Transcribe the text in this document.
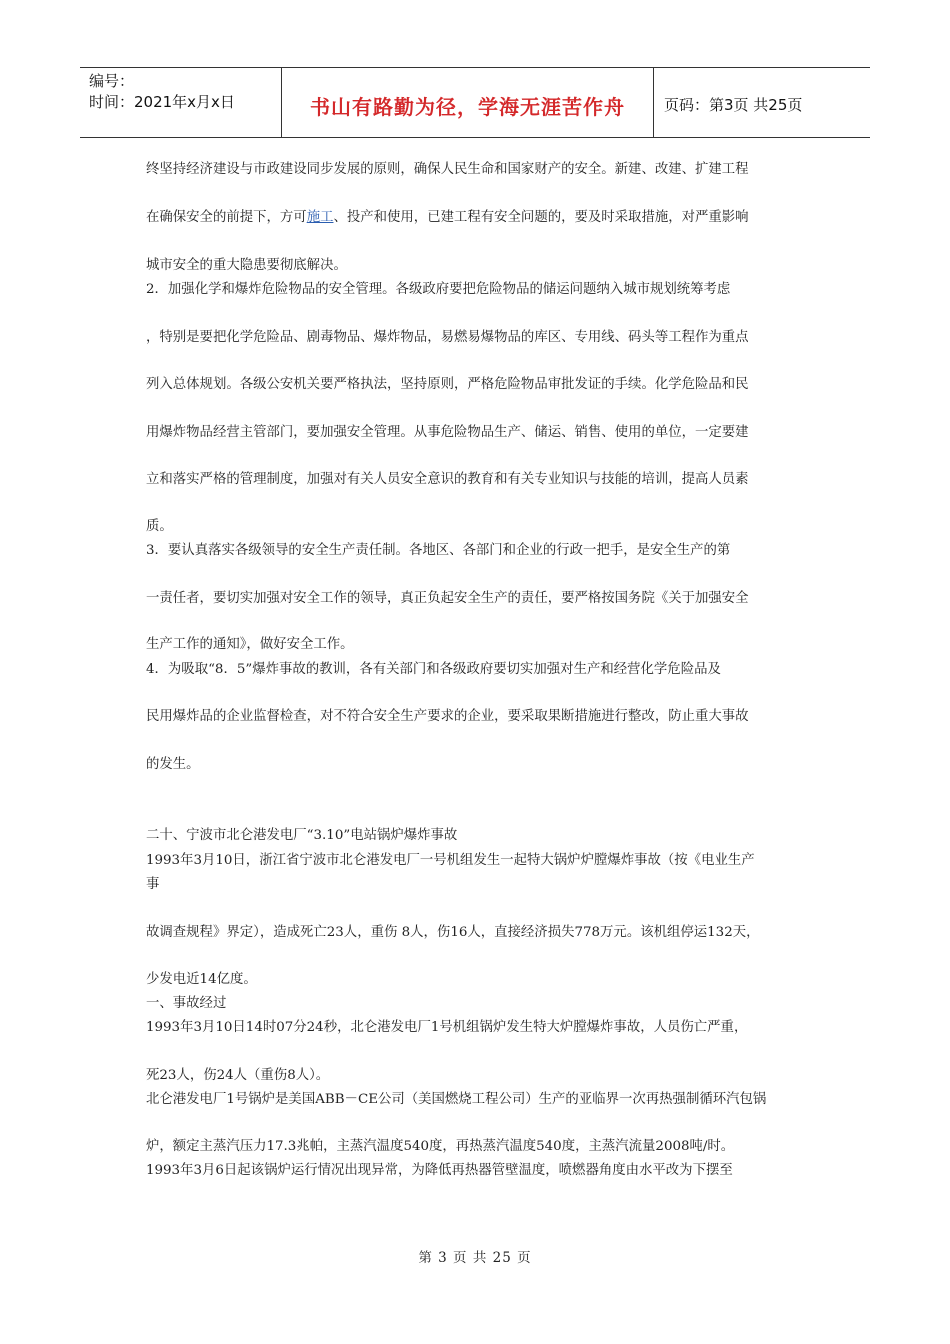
编号：
时间：2021年x月x日	书山有路勤为径，学海无涯苦作舟	页码：第3页 共25页
终坚持经济建设与市政建设同步发展的原则，确保人民生命和国家财产的安全。新建、改建、扩建工程
在确保安全的前提下，方可施工、投产和使用，已建工程有安全问题的，要及时采取措施，对严重影响
城市安全的重大隐患要彻底解决。
2．加强化学和爆炸危险物品的安全管理。各级政府要把危险物品的储运问题纳入城市规划统筹考虑
，特别是要把化学危险品、剧毒物品、爆炸物品，易燃易爆物品的库区、专用线、码头等工程作为重点
列入总体规划。各级公安机关要严格执法，坚持原则，严格危险物品审批发证的手续。化学危险品和民
用爆炸物品经营主管部门，要加强安全管理。从事危险物品生产、储运、销售、使用的单位，一定要建
立和落实严格的管理制度，加强对有关人员安全意识的教育和有关专业知识与技能的培训，提高人员素
质。
3．要认真落实各级领导的安全生产责任制。各地区、各部门和企业的行政一把手，是安全生产的第
一责任者，要切实加强对安全工作的领导，真正负起安全生产的责任，要严格按国务院《关于加强安全
生产工作的通知》，做好安全工作。
4．为吸取“8．5”爆炸事故的教训，各有关部门和各级政府要切实加强对生产和经营化学危险品及
民用爆炸品的企业监督检查，对不符合安全生产要求的企业，要采取果断措施进行整改，防止重大事故
的发生。
二十、宁波市北仑港发电厂“3.10”电站锅炉爆炸事故
1993年3月10日，浙江省宁波市北仑港发电厂一号机组发生一起特大锅炉炉膛爆炸事故（按《电业生产
事
故调查规程》界定），造成死亡23人，重伤 8人，伤16人，直接经济损失778万元。该机组停运132天，
少发电近14亿度。
一、事故经过
1993年3月10日14时07分24秒，北仑港发电厂1号机组锅炉发生特大炉膛爆炸事故，人员伤亡严重，
死23人，伤24人（重伤8人）。
北仑港发电厂1号锅炉是美国ABB－CE公司（美国燃烧工程公司）生产的亚临界一次再热强制循环汽包锅
炉，额定主蒸汽压力17.3兆帕，主蒸汽温度540度，再热蒸汽温度540度，主蒸汽流量2008吨/时。
1993年3月6日起该锅炉运行情况出现异常，为降低再热器管壁温度，喷燃器角度由水平改为下摆至
第 3 页 共 25 页
